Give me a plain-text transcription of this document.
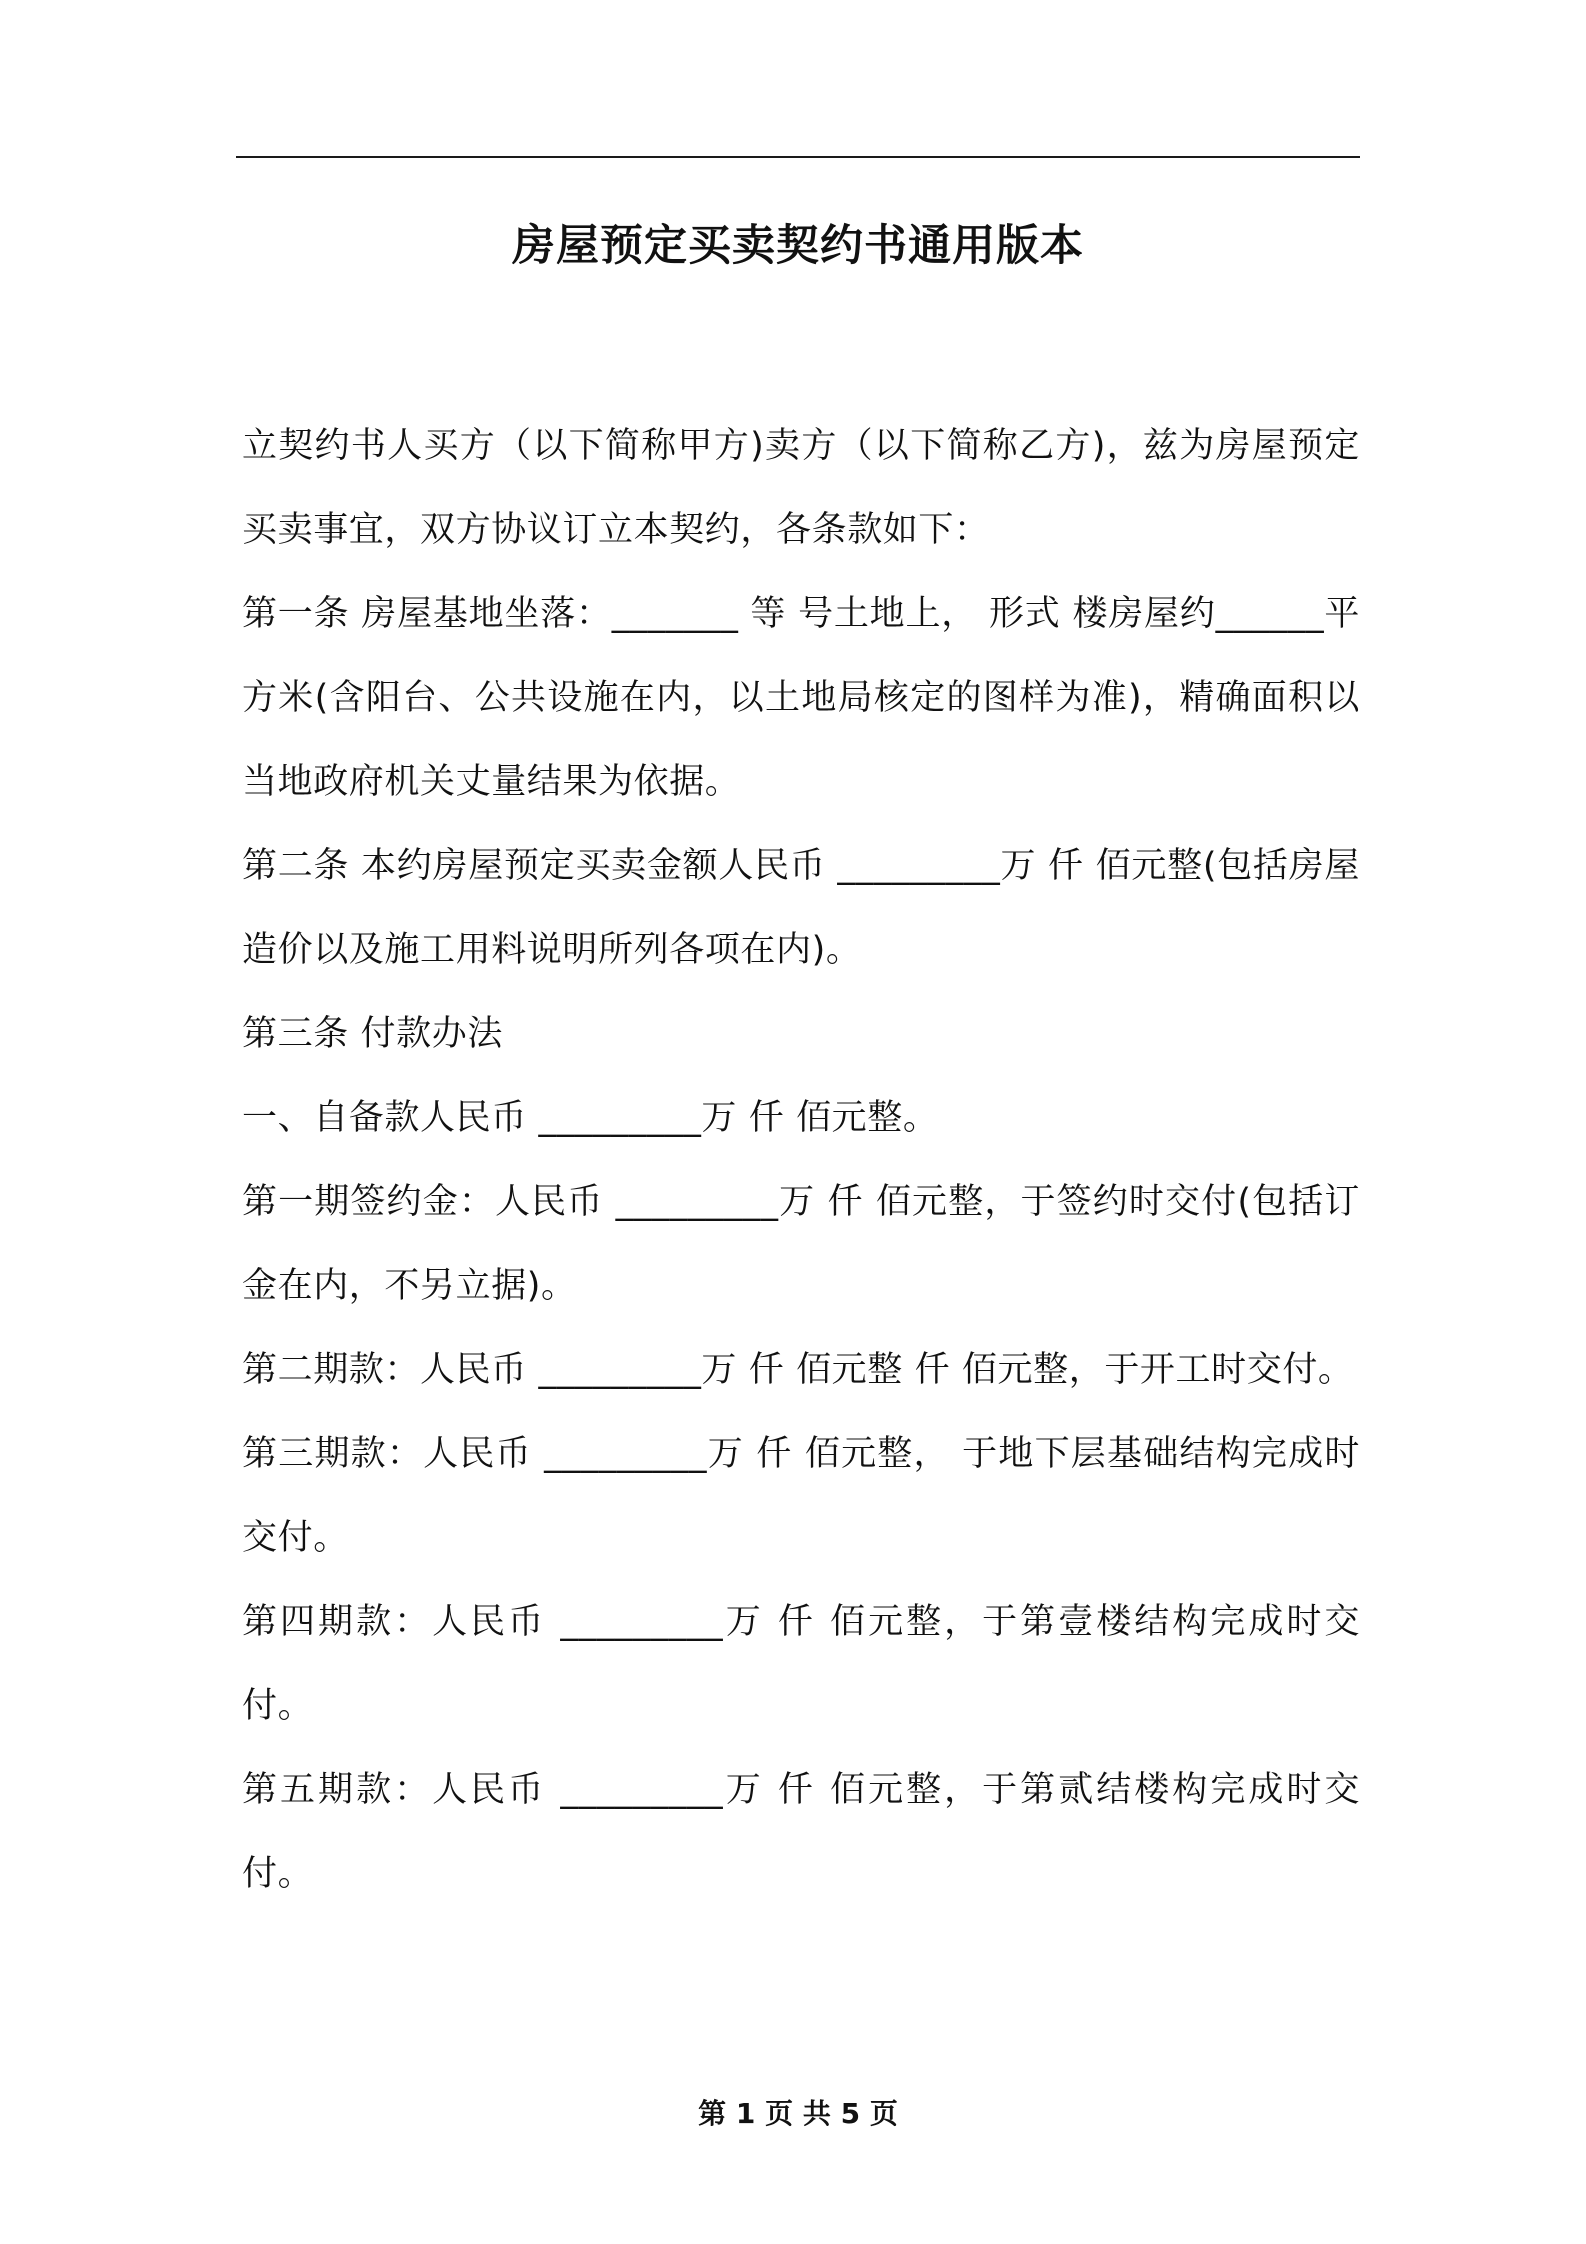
房屋预定买卖契约书通用版本

立契约书人买方（以下简称甲方)卖方（以下简称乙方)，兹为房屋预定买卖事宜，双方协议订立本契约，各条款如下：

第一条 房屋基地坐落：_______ 等 号土地上， 形式 楼房屋约______平方米(含阳台、公共设施在内，以土地局核定的图样为准)，精确面积以当地政府机关丈量结果为依据。

第二条 本约房屋预定买卖金额人民币 _________万 仟 佰元整(包括房屋造价以及施工用料说明所列各项在内)。

第三条 付款办法

一、自备款人民币 _________万 仟 佰元整。

第一期签约金：人民币 _________万 仟 佰元整，于签约时交付(包括订金在内，不另立据)。

第二期款：人民币 _________万 仟 佰元整 仟 佰元整，于开工时交付。

第三期款：人民币 _________万 仟 佰元整， 于地下层基础结构完成时交付。

第四期款：人民币 _________万 仟 佰元整，于第壹楼结构完成时交付。

第五期款：人民币 _________万 仟 佰元整，于第贰结楼构完成时交付。

第 1 页 共 5 页
